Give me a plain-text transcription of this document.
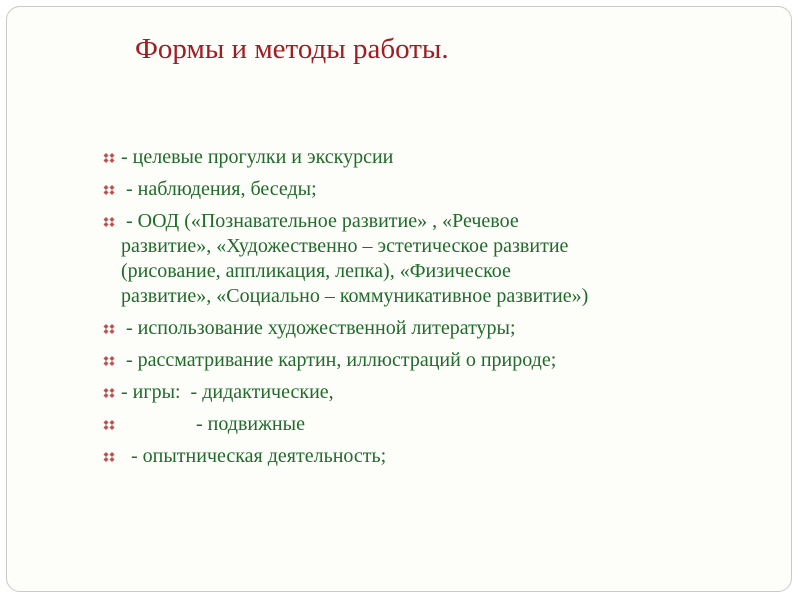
Формы и методы работы.
- целевые прогулки и экскурсии
- наблюдения, беседы;
- ООД («Познавательное развитие» , «Речевое
развитие», «Художественно – эстетическое развитие
(рисование, аппликация, лепка), «Физическое
развитие», «Социально – коммуникативное развитие»)
- использование художественной литературы;
- рассматривание картин, иллюстраций о природе;
- игры:  - дидактические,
- подвижные
- опытническая деятельность;
